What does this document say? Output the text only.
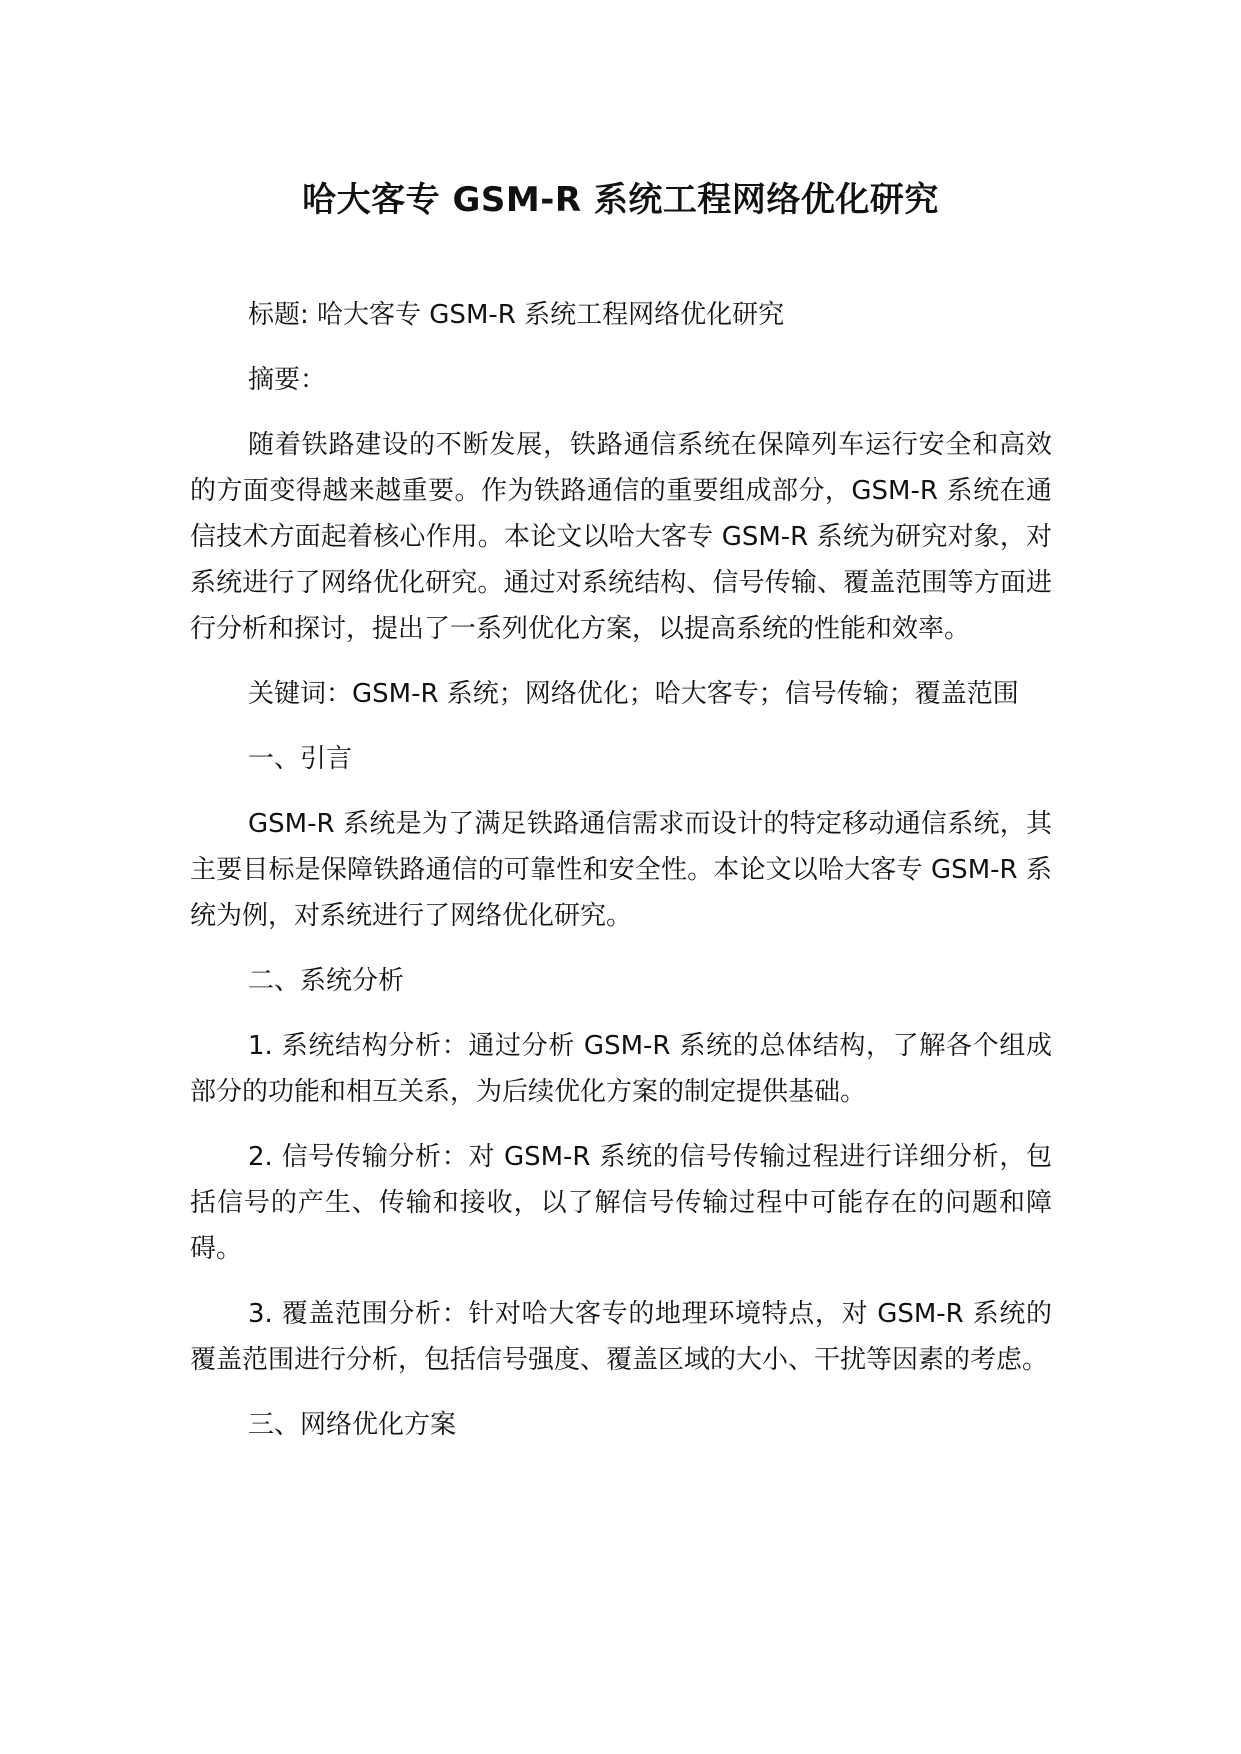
哈大客专 GSM-R 系统工程网络优化研究

标题: 哈大客专 GSM-R 系统工程网络优化研究

摘要：

随着铁路建设的不断发展，铁路通信系统在保障列车运行安全和高效的方面变得越来越重要。作为铁路通信的重要组成部分，GSM-R 系统在通信技术方面起着核心作用。本论文以哈大客专 GSM-R 系统为研究对象，对系统进行了网络优化研究。通过对系统结构、信号传输、覆盖范围等方面进行分析和探讨，提出了一系列优化方案，以提高系统的性能和效率。

关键词：GSM-R 系统；网络优化；哈大客专；信号传输；覆盖范围

一、引言

GSM-R 系统是为了满足铁路通信需求而设计的特定移动通信系统，其主要目标是保障铁路通信的可靠性和安全性。本论文以哈大客专 GSM-R 系统为例，对系统进行了网络优化研究。

二、系统分析

1. 系统结构分析：通过分析 GSM-R 系统的总体结构，了解各个组成部分的功能和相互关系，为后续优化方案的制定提供基础。

2. 信号传输分析：对 GSM-R 系统的信号传输过程进行详细分析，包括信号的产生、传输和接收，以了解信号传输过程中可能存在的问题和障碍。

3. 覆盖范围分析：针对哈大客专的地理环境特点，对 GSM-R 系统的覆盖范围进行分析，包括信号强度、覆盖区域的大小、干扰等因素的考虑。

三、网络优化方案
